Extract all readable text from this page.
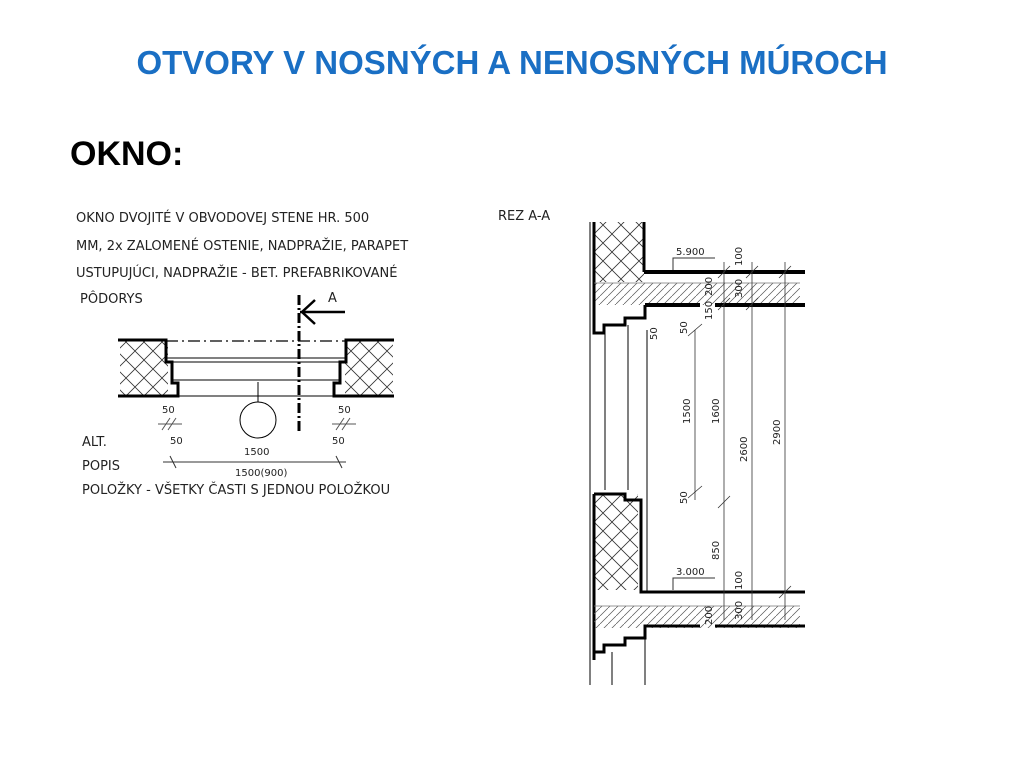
OTVORY V NOSNÝCH A NENOSNÝCH MÚROCH
OKNO:
OKNO DVOJITÉ V OBVODOVEJ STENE HR. 500
MM, 2x ZALOMENÉ OSTENIE, NADPRAŽIE, PARAPET
USTUPUJÚCI, NADPRAŽIE - BET. PREFABRIKOVANÉ
PÔDORYS	A
50	50
50	50
1500
1500(900)
ALT.
POPIS
POLOŽKY - VŠETKY ČASTI S JEDNOU POLOŽKOU
REZ A-A
5.900
3.000
100
200 300
150
50 50
1500 1600
2600
2900
50
850
100
200 300
